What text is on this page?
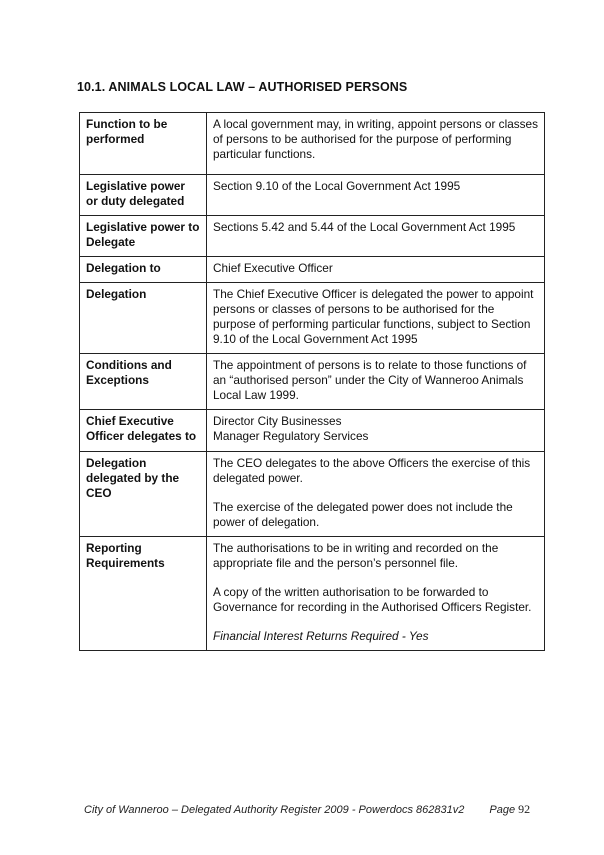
10.1. ANIMALS LOCAL LAW – AUTHORISED PERSONS
Function to be performed	A local government may, in writing, appoint persons or classes of persons to be authorised for the purpose of performing particular functions.

Legislative power or duty delegated	Section 9.10 of the Local Government Act 1995

Legislative power to Delegate	Sections 5.42 and 5.44 of the Local Government Act 1995

Delegation to	Chief Executive Officer

Delegation	The Chief Executive Officer is delegated the power to appoint persons or classes of persons to be authorised for the purpose of performing particular functions, subject to Section 9.10 of the Local Government Act 1995

Conditions and Exceptions	The appointment of persons is to relate to those functions of an “authorised person” under the City of Wanneroo Animals Local Law 1999.

Chief Executive Officer delegates to	Director City Businesses
Manager Regulatory Services

Delegation delegated by the CEO	The CEO delegates to the above Officers the exercise of this delegated power.
The exercise of the delegated power does not include the power of delegation.

Reporting Requirements	The authorisations to be in writing and recorded on the appropriate file and the person’s personnel file.
A copy of the written authorisation to be forwarded to Governance for recording in the Authorised Officers Register.
Financial Interest Returns Required - Yes
City of Wanneroo – Delegated Authority Register 2009 - Powerdocs 862831v2 Page 92
